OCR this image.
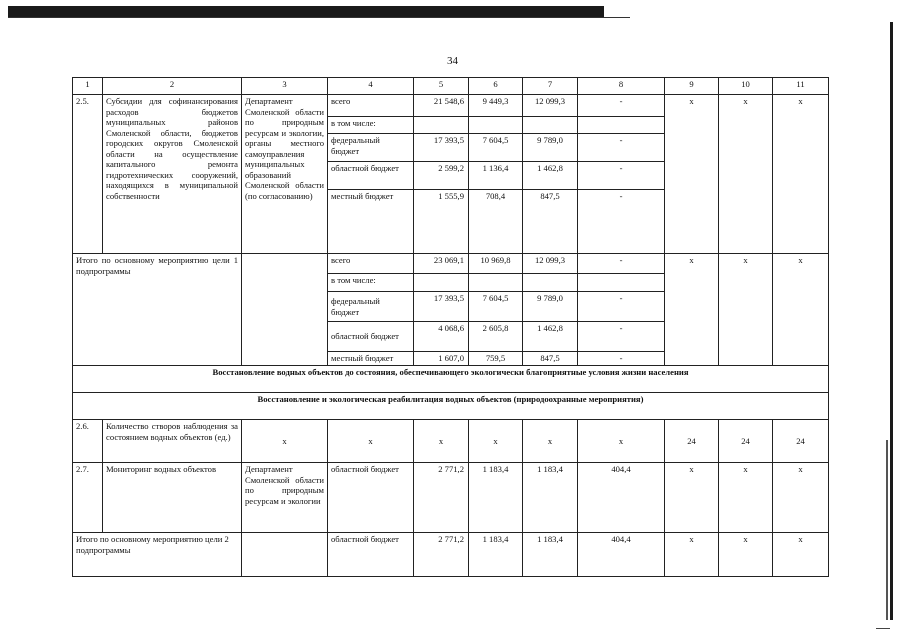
34
1	2	3	4	5	6	7	8	9	10	11
2.5.	Субсидии для софинансирования расходов бюджетов муниципальных районов Смоленской области, бюджетов городских округов Смоленской области на осуществление капитального ремонта гидротехнических сооружений, находящихся в муниципальной собственности	Департамент Смоленской области по природным ресурсам и экологии, органы местного самоуправления муниципальных образований Смоленской области (по согласованию)	всего	21 548,6	9 449,3	12 099,3	-	х	х	х
			в том числе:							
			федеральный бюджет	17 393,5	7 604,5	9 789,0	-			
			областной бюджет	2 599,2	1 136,4	1 462,8	-			
			местный бюджет	1 555,9	708,4	847,5	-			
Итого по основному мероприятию цели 1 подпрограммы			всего	23 069,1	10 969,8	12 099,3	-	х	х	х
			в том числе:							
			федеральный бюджет	17 393,5	7 604,5	9 789,0	-			
			областной бюджет	4 068,6	2 605,8	1 462,8	-			
			местный бюджет	1 607,0	759,5	847,5	-			
Восстановление водных объектов до состояния, обеспечивающего экологически благоприятные условия жизни населения										
Восстановление и экологическая реабилитация водных объектов (природоохранные мероприятия)										
2.6.	Количество створов наблюдения за состоянием водных объектов (ед.)	х	х	х	х	х	х	24	24	24
2.7.	Мониторинг водных объектов	Департамент Смоленской области по природным ресурсам и экологии	областной бюджет	2 771,2	1 183,4	1 183,4	404,4	х	х	х
Итого по основному мероприятию цели 2 подпрограммы			областной бюджет	2 771,2	1 183,4	1 183,4	404,4	х	х	х
